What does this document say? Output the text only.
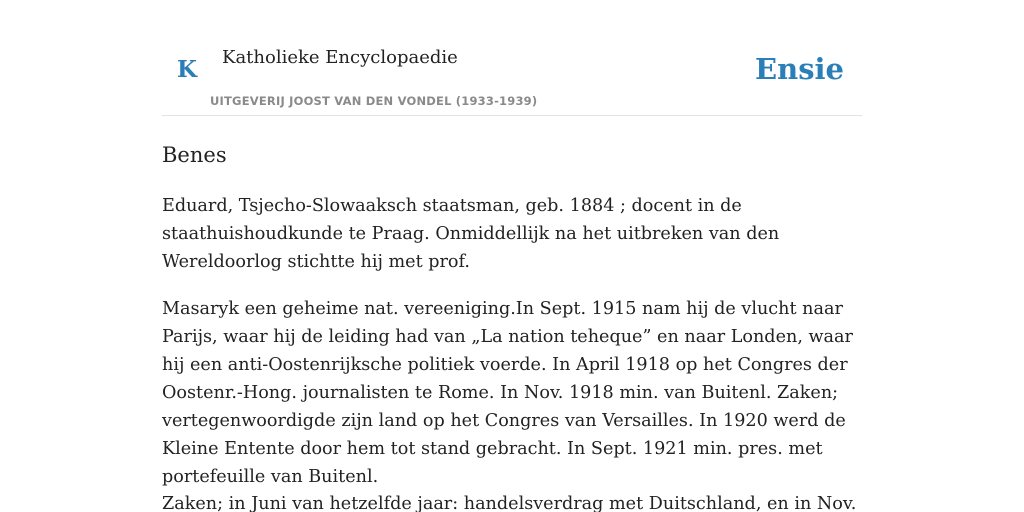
K Katholieke Encyclopaedie
UITGEVERIJ JOOST VAN DEN VONDEL (1933-1939)
Ensie
Benes

Eduard, Tsjecho-Slowaaksch staatsman, geb. 1884 ; docent in de staathuishoudkunde te Praag. Onmiddellijk na het uitbreken van den Wereldoorlog stichtte hij met prof.

Masaryk een geheime nat. vereeniging.In Sept. 1915 nam hij de vlucht naar Parijs, waar hij de leiding had van „La nation teheque” en naar Londen, waar hij een anti-Oostenrijksche politiek voerde. In April 1918 op het Congres der Oostenr.-Hong. journalisten te Rome. In Nov. 1918 min. van Buitenl. Zaken; vertegenwoordigde zijn land op het Congres van Versailles. In 1920 werd de Kleine Entente door hem tot stand gebracht. In Sept. 1921 min. pres. met portefeuille van Buitenl.

Zaken; in Juni van hetzelfde jaar: handelsverdrag met Duitschland, en in Nov.
